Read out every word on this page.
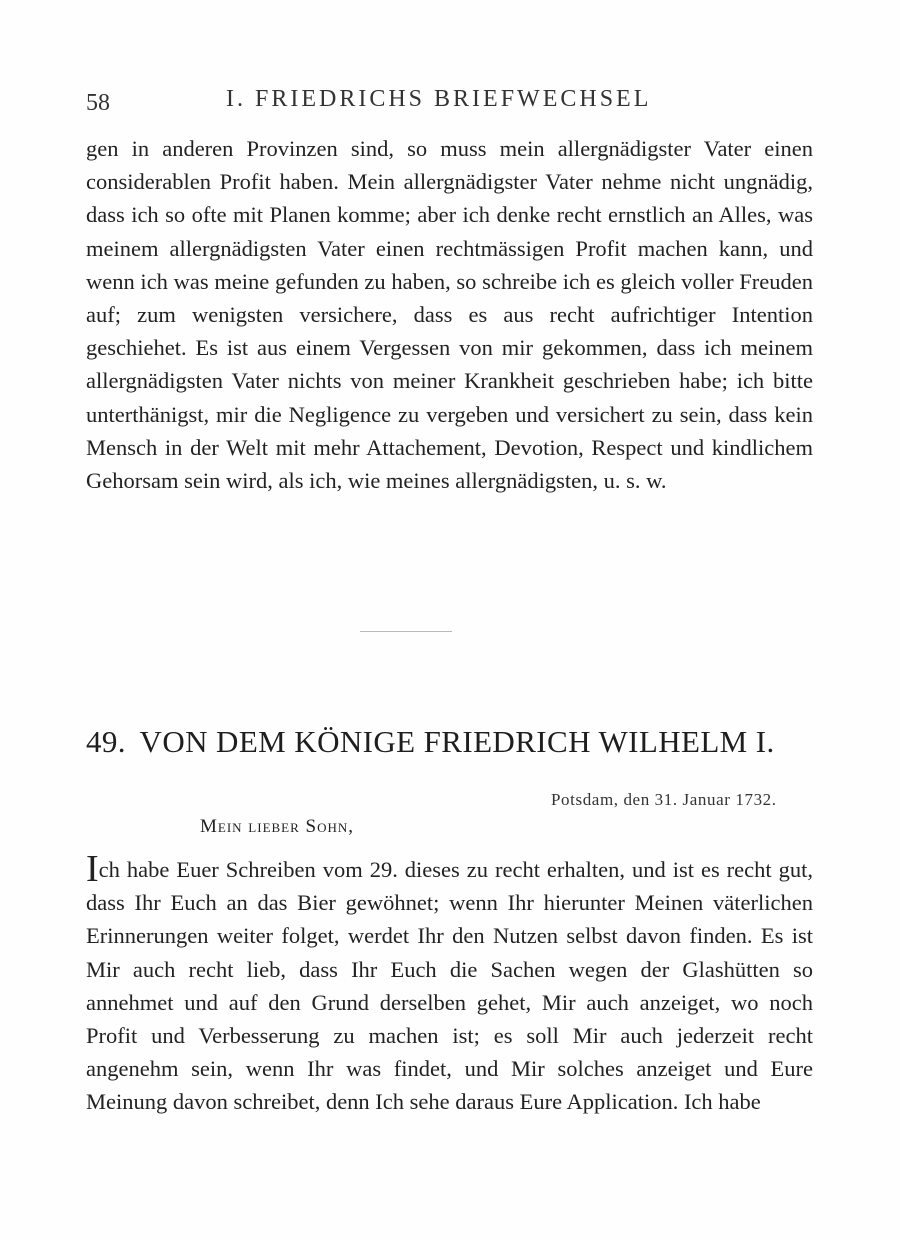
58	I. FRIEDRICHS BRIEFWECHSEL

gen in anderen Provinzen sind, so muss mein allergnädigster Vater einen considerablen Profit haben. Mein allergnädigster Vater nehme nicht ungnädig, dass ich so ofte mit Planen komme; aber ich denke recht ernstlich an Alles, was meinem allergnädigsten Vater einen rechtmässigen Profit machen kann, und wenn ich was meine gefunden zu haben, so schreibe ich es gleich voller Freuden auf; zum wenigsten versichere, dass es aus recht aufrichtiger Intention geschiehet. Es ist aus einem Vergessen von mir gekommen, dass ich meinem allergnädigsten Vater nichts von meiner Krankheit geschrieben habe; ich bitte unterthänigst, mir die Negligence zu vergeben und versichert zu sein, dass kein Mensch in der Welt mit mehr Attachement, Devotion, Respect und kindlichem Gehorsam sein wird, als ich, wie meines allergnädigsten, u. s. w.

49. VON DEM KÖNIGE FRIEDRICH WILHELM I.
Potsdam, den 31. Januar 1732.
Mein lieber Sohn,

Ich habe Euer Schreiben vom 29. dieses zu recht erhalten, und ist es recht gut, dass Ihr Euch an das Bier gewöhnet; wenn Ihr hierunter Meinen väterlichen Erinnerungen weiter folget, werdet Ihr den Nutzen selbst davon finden. Es ist Mir auch recht lieb, dass Ihr Euch die Sachen wegen der Glashütten so annehmet und auf den Grund derselben gehet, Mir auch anzeiget, wo noch Profit und Verbesserung zu machen ist; es soll Mir auch jederzeit recht angenehm sein, wenn Ihr was findet, und Mir solches anzeiget und Eure Meinung davon schreibet, denn Ich sehe daraus Eure Application. Ich habe
